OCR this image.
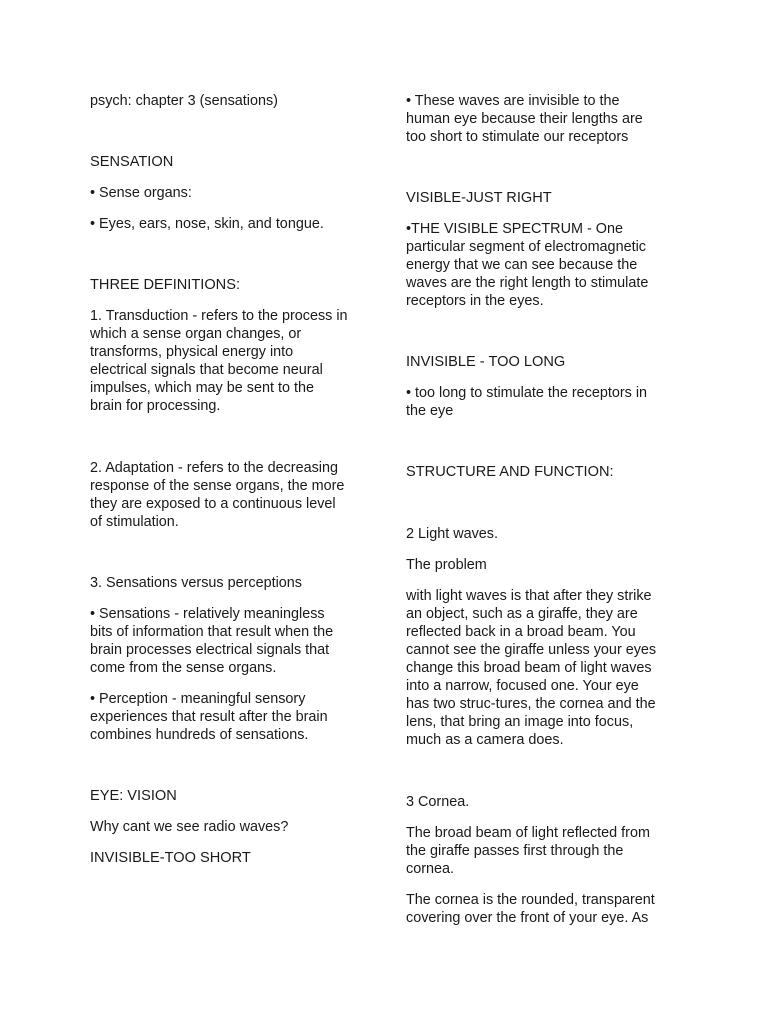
psych: chapter 3 (sensations)

SENSATION

• Sense organs:

• Eyes, ears, nose, skin, and tongue.

THREE DEFINITIONS:

1. Transduction - refers to the process in
which a sense organ changes, or
transforms, physical energy into
electrical signals that become neural
impulses, which may be sent to the
brain for processing.

2. Adaptation - refers to the decreasing
response of the sense organs, the more
they are exposed to a continuous level
of stimulation.

3. Sensations versus perceptions

• Sensations - relatively meaningless
bits of information that result when the
brain processes electrical signals that
come from the sense organs.

• Perception - meaningful sensory
experiences that result after the brain
combines hundreds of sensations.

EYE: VISION

Why cant we see radio waves?

INVISIBLE-TOO SHORT

• These waves are invisible to the
human eye because their lengths are
too short to stimulate our receptors

VISIBLE-JUST RIGHT

•THE VISIBLE SPECTRUM - One
particular segment of electromagnetic
energy that we can see because the
waves are the right length to stimulate
receptors in the eyes.

INVISIBLE - TOO LONG

• too long to stimulate the receptors in
the eye

STRUCTURE AND FUNCTION:

2 Light waves.

The problem

with light waves is that after they strike
an object, such as a giraffe, they are
reflected back in a broad beam. You
cannot see the giraffe unless your eyes
change this broad beam of light waves
into a narrow, focused one. Your eye
has two struc-tures, the cornea and the
lens, that bring an image into focus,
much as a camera does.

3 Cornea.

The broad beam of light reflected from
the giraffe passes first through the
cornea.

The cornea is the rounded, transparent
covering over the front of your eye. As
